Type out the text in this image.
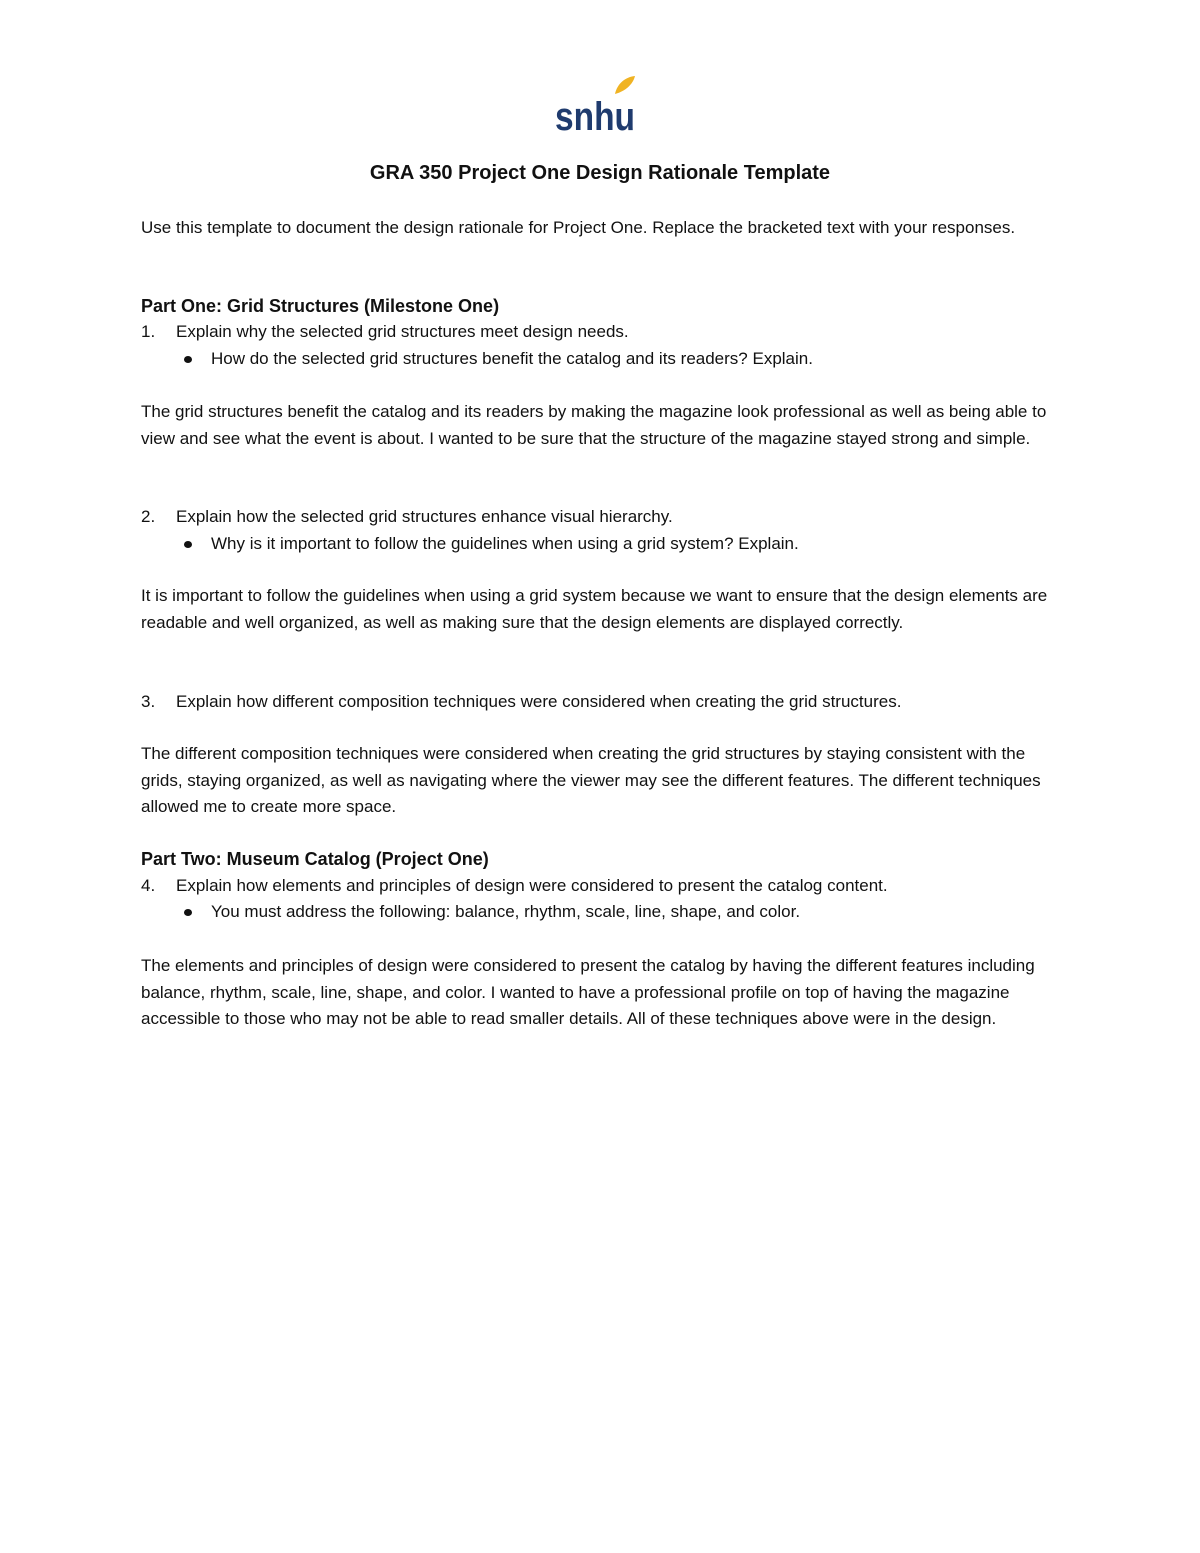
snhu
GRA 350 Project One Design Rationale Template
Use this template to document the design rationale for Project One. Replace the bracketed text with your responses.
Part One: Grid Structures (Milestone One)
1. Explain why the selected grid structures meet design needs.
How do the selected grid structures benefit the catalog and its readers? Explain.
The grid structures benefit the catalog and its readers by making the magazine look professional as well as being able to view and see what the event is about. I wanted to be sure that the structure of the magazine stayed strong and simple.
2. Explain how the selected grid structures enhance visual hierarchy.
Why is it important to follow the guidelines when using a grid system? Explain.
It is important to follow the guidelines when using a grid system because we want to ensure that the design elements are readable and well organized, as well as making sure that the design elements are displayed correctly.
3. Explain how different composition techniques were considered when creating the grid structures.
The different composition techniques were considered when creating the grid structures by staying consistent with the grids, staying organized, as well as navigating where the viewer may see the different features. The different techniques allowed me to create more space.
Part Two: Museum Catalog (Project One)
4. Explain how elements and principles of design were considered to present the catalog content.
You must address the following: balance, rhythm, scale, line, shape, and color.
The elements and principles of design were considered to present the catalog by having the different features including balance, rhythm, scale, line, shape, and color. I wanted to have a professional profile on top of having the magazine accessible to those who may not be able to read smaller details. All of these techniques above were in the design.
